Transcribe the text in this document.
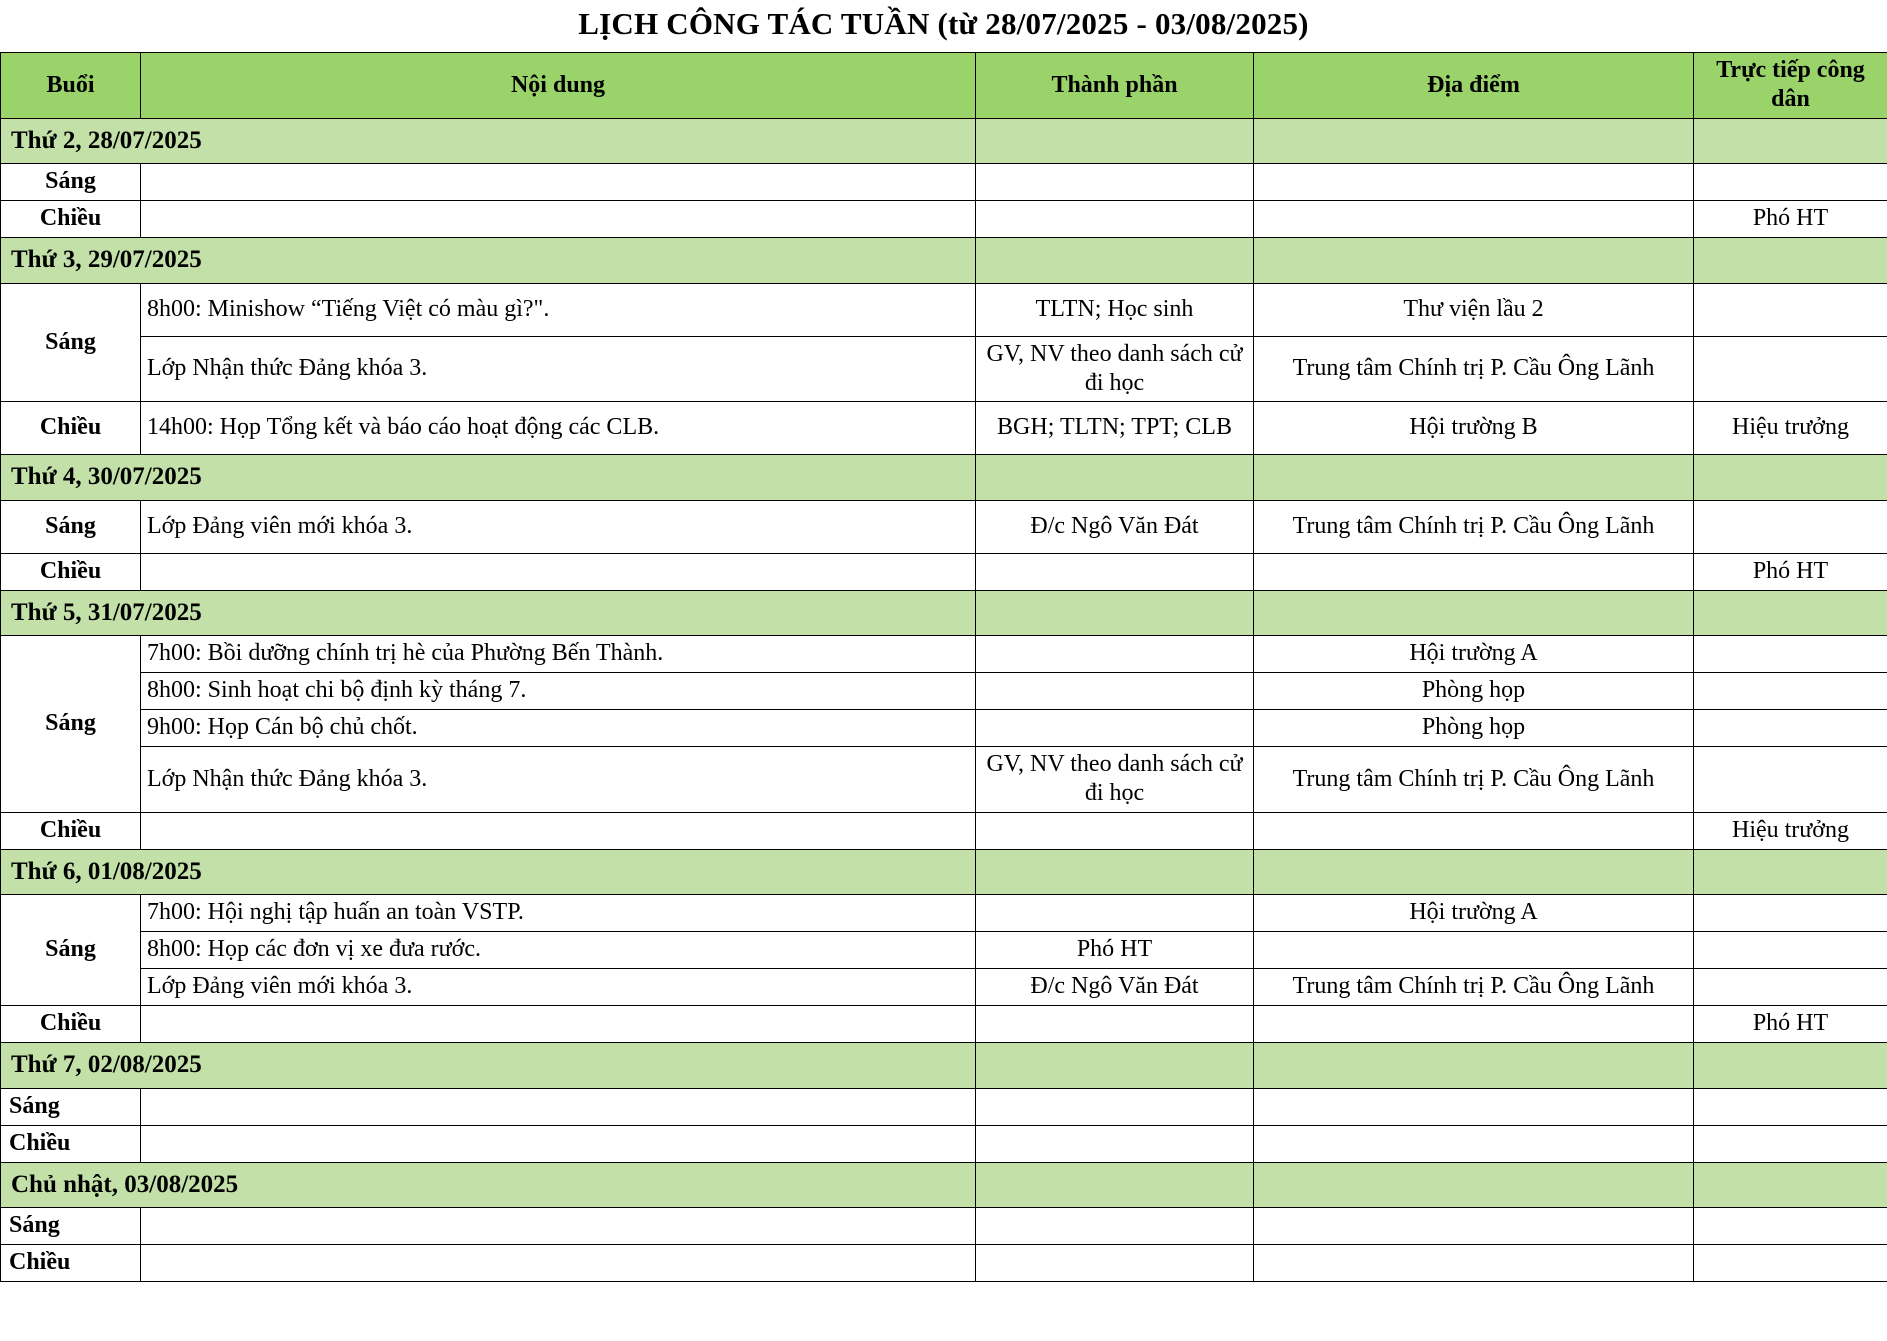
LỊCH CÔNG TÁC TUẦN (từ 28/07/2025 - 03/08/2025)
Buổi	Nội dung	Thành phần	Địa điểm	Trực tiếp công dân
Thứ 2, 28/07/2025				
Sáng				
Chiều				Phó HT
Thứ 3, 29/07/2025				
Sáng	8h00: Minishow “Tiếng Việt có màu gì?".	TLTN; Học sinh	Thư viện lầu 2	
	Lớp Nhận thức Đảng khóa 3.	GV, NV theo danh sách cử đi học	Trung tâm Chính trị P. Cầu Ông Lãnh	
Chiều	14h00: Họp Tổng kết và báo cáo hoạt động các CLB.	BGH; TLTN; TPT; CLB	Hội trường B	Hiệu trưởng
Thứ 4, 30/07/2025				
Sáng	Lớp Đảng viên mới khóa 3.	Đ/c Ngô Văn Đát	Trung tâm Chính trị P. Cầu Ông Lãnh	
Chiều				Phó HT
Thứ 5, 31/07/2025				
Sáng	7h00: Bồi dưỡng chính trị hè của Phường Bến Thành.		Hội trường A	
	8h00: Sinh hoạt chi bộ định kỳ tháng 7.		Phòng họp	
	9h00: Họp Cán bộ chủ chốt.		Phòng họp	
	Lớp Nhận thức Đảng khóa 3.	GV, NV theo danh sách cử đi học	Trung tâm Chính trị P. Cầu Ông Lãnh	
Chiều				Hiệu trưởng
Thứ 6, 01/08/2025				
Sáng	7h00: Hội nghị tập huấn an toàn VSTP.		Hội trường A	
	8h00: Họp các đơn vị xe đưa rước.	Phó HT		
	Lớp Đảng viên mới khóa 3.	Đ/c Ngô Văn Đát	Trung tâm Chính trị P. Cầu Ông Lãnh	
Chiều				Phó HT
Thứ 7, 02/08/2025				
Sáng				
Chiều				
Chủ nhật, 03/08/2025				
Sáng				
Chiều				
